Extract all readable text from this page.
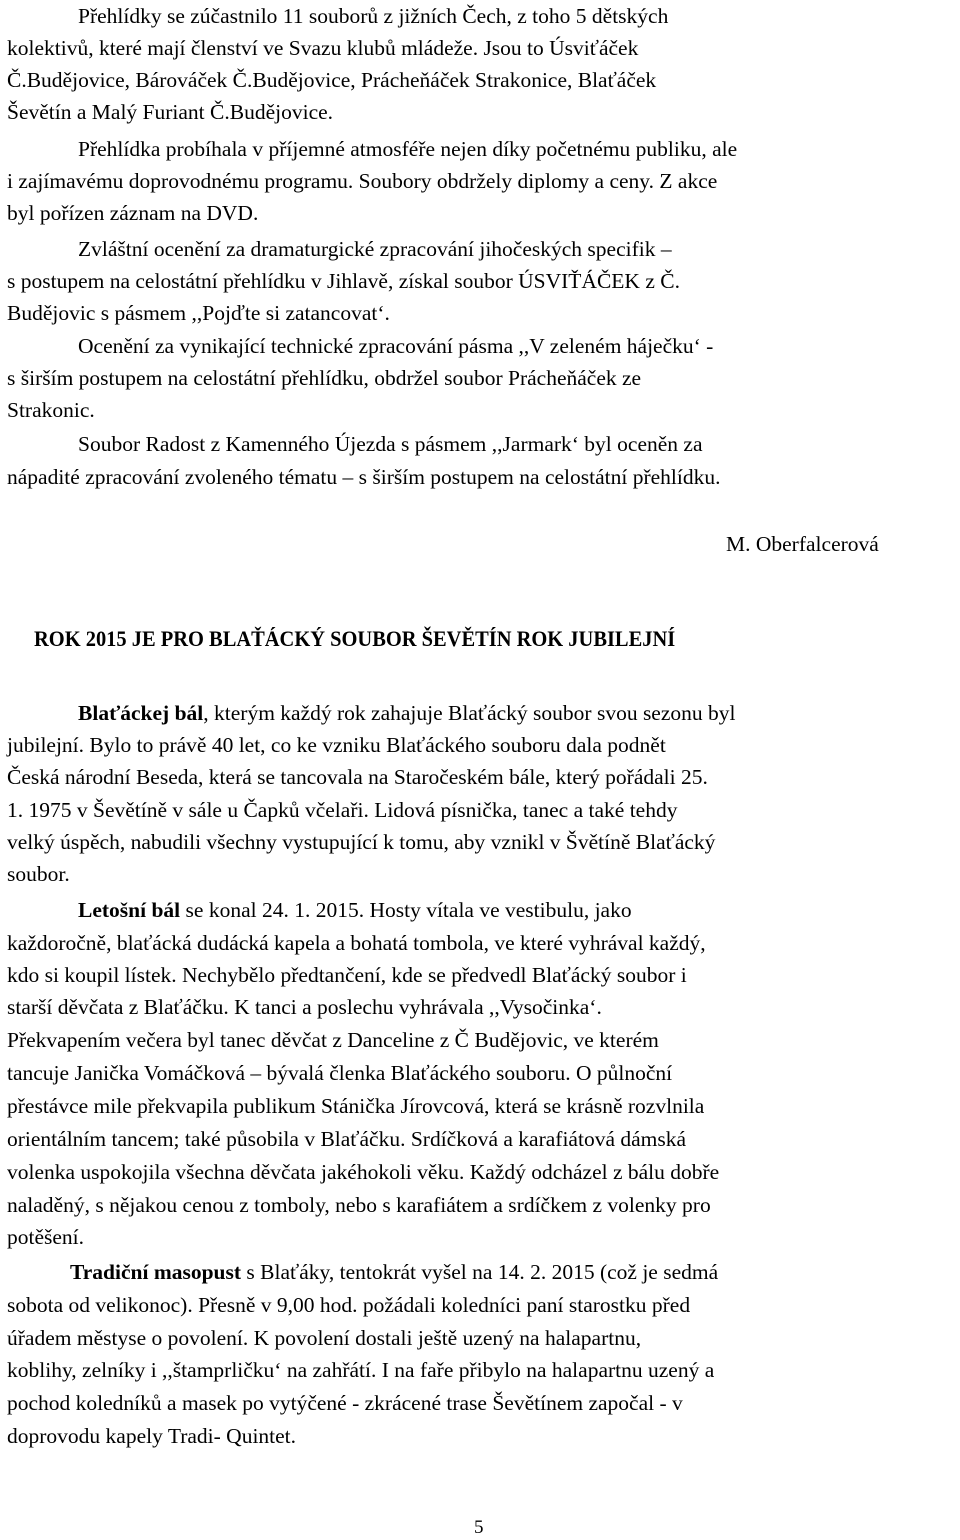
Přehlídky se zúčastnilo 11 souborů z jižních Čech, z toho 5 dětských
kolektivů, které mají členství ve Svazu klubů mládeže. Jsou to Úsviťáček
Č.Budějovice, Bárováček Č.Budějovice, Prácheňáček Strakonice, Blaťáček
Ševětín a Malý Furiant Č.Budějovice.
Přehlídka probíhala v příjemné atmosféře nejen díky početnému publiku, ale
i zajímavému doprovodnému programu. Soubory obdržely diplomy a ceny. Z akce
byl pořízen záznam na DVD.
Zvláštní ocenění za dramaturgické zpracování jihočeských specifik –
s postupem na celostátní přehlídku v Jihlavě, získal soubor ÚSVIŤÁČEK z Č.
Budějovic s pásmem ,,Pojďte si zatancovat‘.
Ocenění za vynikající technické zpracování pásma ,,V zeleném háječku‘ -
s širším postupem na celostátní přehlídku, obdržel soubor Prácheňáček ze
Strakonic.
Soubor Radost z Kamenného Újezda s pásmem ,,Jarmark‘ byl oceněn za
nápadité zpracování zvoleného tématu – s širším postupem na celostátní přehlídku.
M. Oberfalcerová
ROK 2015 JE PRO BLAŤÁCKÝ SOUBOR ŠEVĚTÍN ROK JUBILEJNÍ
Blaťáckej bál, kterým každý rok zahajuje Blaťácký soubor svou sezonu byl
jubilejní. Bylo to právě 40 let, co ke vzniku Blaťáckého souboru dala podnět
Česká národní Beseda, která se tancovala na Staročeském bále, který pořádali 25.
1. 1975 v Ševětíně v sále u Čapků včelaři. Lidová písnička, tanec a také tehdy
velký úspěch, nabudili všechny vystupující k tomu, aby vznikl v Švětíně Blaťácký
soubor.
Letošní bál se konal 24. 1. 2015. Hosty vítala ve vestibulu, jako
každoročně, blaťácká dudácká kapela a bohatá tombola, ve které vyhrával každý,
kdo si koupil lístek. Nechybělo předtančení, kde se předvedl Blaťácký soubor i
starší děvčata z Blaťáčku. K tanci a poslechu vyhrávala ,,Vysočinka‘.
Překvapením večera byl tanec děvčat z Danceline z Č Budějovic, ve kterém
tancuje Janička Vomáčková – bývalá členka Blaťáckého souboru. O půlnoční
přestávce mile překvapila publikum Stánička Jírovcová, která se krásně rozvlnila
orientálním tancem; také působila v Blaťáčku. Srdíčková a karafiátová dámská
volenka uspokojila všechna děvčata jakéhokoli věku. Každý odcházel z bálu dobře
naladěný, s nějakou cenou z tomboly, nebo s karafiátem a srdíčkem z volenky pro
potěšení.
Tradiční masopust s Blaťáky, tentokrát vyšel na 14. 2. 2015 (což je sedmá
sobota od velikonoc). Přesně v 9,00 hod. požádali koledníci paní starostku před
úřadem městyse o povolení. K povolení dostali ještě uzený na halapartnu,
koblihy, zelníky i ,,štamprličku‘ na zahřátí. I na faře přibylo na halapartnu uzený a
pochod koledníků a masek po vytýčené - zkrácené trase Ševětínem započal - v
doprovodu kapely Tradi- Quintet.
5
